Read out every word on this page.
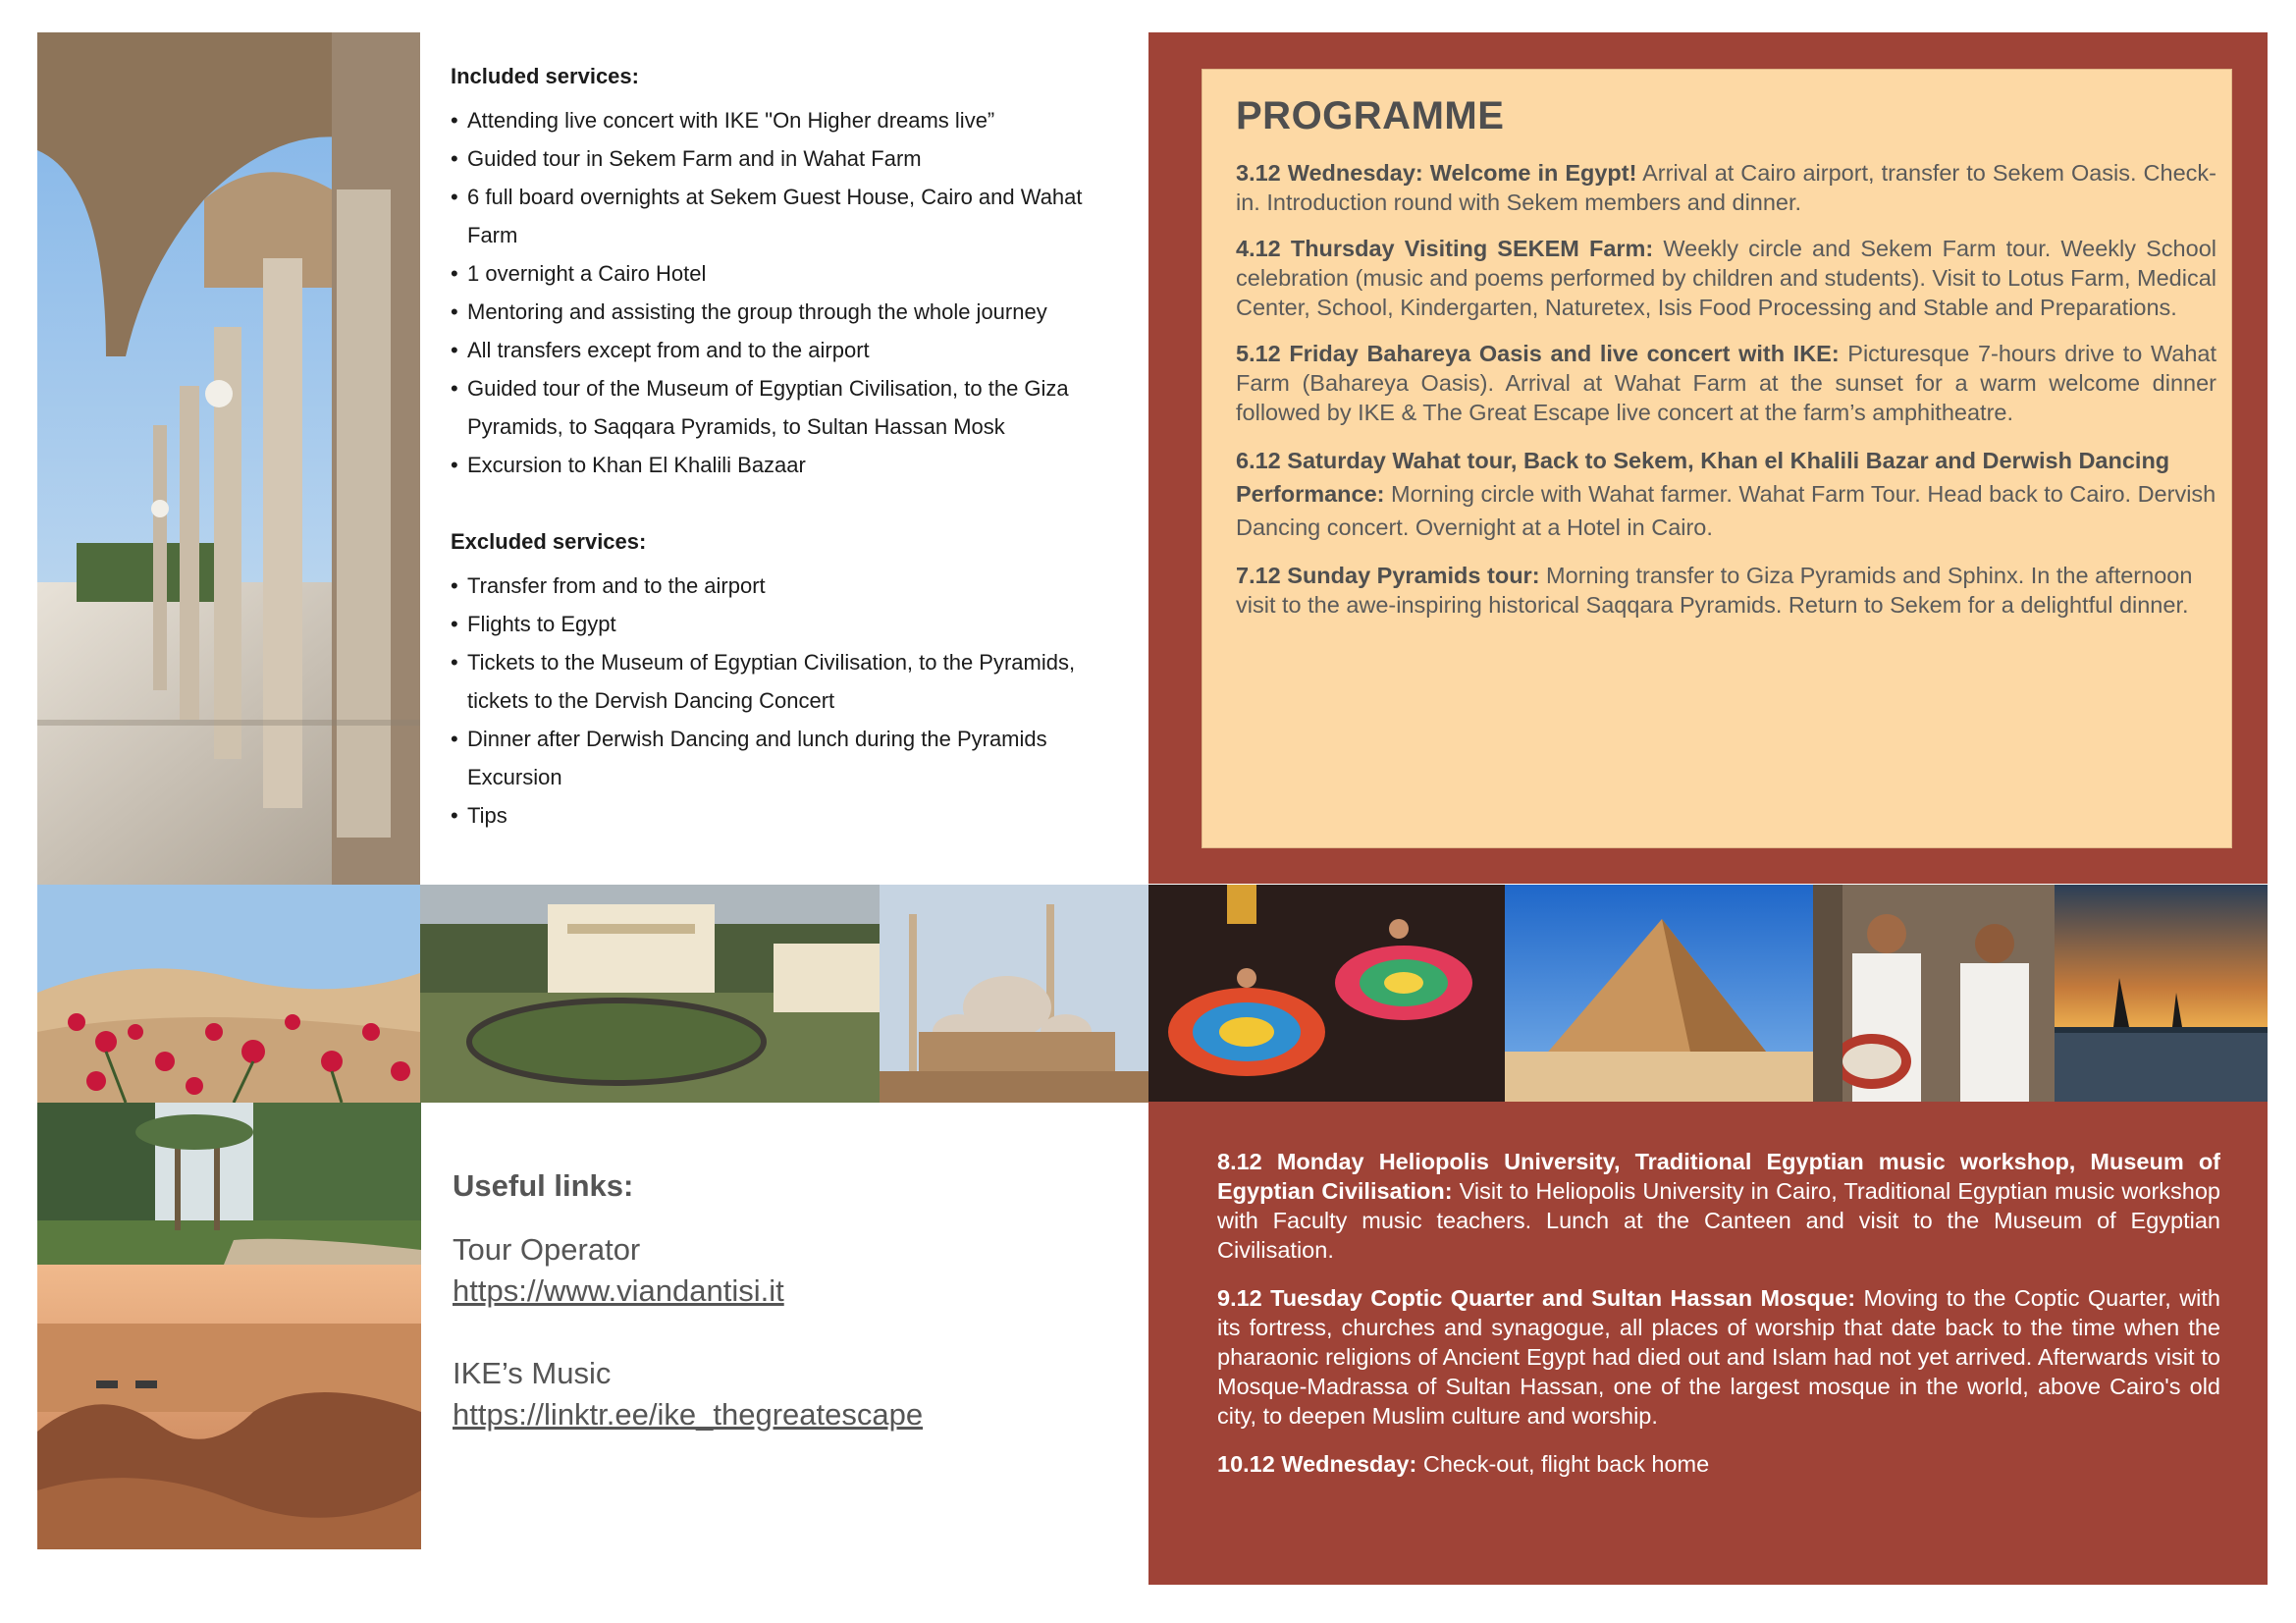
Included services:
• Attending live concert with IKE "On Higher dreams live”
• Guided tour in Sekem Farm and in Wahat Farm
• 6 full board overnights at Sekem Guest House, Cairo and Wahat Farm
• 1 overnight a Cairo Hotel
• Mentoring and assisting the group through the whole journey
• All transfers except from and to the airport
• Guided tour of the Museum of Egyptian Civilisation, to the Giza Pyramids, to Saqqara Pyramids, to Sultan Hassan Mosk
• Excursion to Khan El Khalili Bazaar
Excluded services:
• Transfer from and to the airport
• Flights to Egypt
• Tickets to the Museum of Egyptian Civilisation, to the Pyramids, tickets to the Dervish Dancing Concert
• Dinner after Derwish Dancing and lunch during the Pyramids Excursion
• Tips
PROGRAMME

3.12 Wednesday: Welcome in Egypt! Arrival at Cairo airport, transfer to Sekem Oasis. Check-in. Introduction round with Sekem members and dinner.

4.12 Thursday Visiting SEKEM Farm: Weekly circle and Sekem Farm tour. Weekly School celebration (music and poems performed by children and students). Visit to Lotus Farm, Medical Center, School, Kindergarten, Naturetex, Isis Food Processing and Stable and Preparations.

5.12 Friday Bahareya Oasis and live concert with IKE: Picturesque 7-hours drive to Wahat Farm (Bahareya Oasis). Arrival at Wahat Farm at the sunset for a warm welcome dinner followed by IKE & The Great Escape live concert at the farm’s amphitheatre.

6.12 Saturday Wahat tour, Back to Sekem, Khan el Khalili Bazar and Derwish Dancing Performance: Morning circle with Wahat farmer. Wahat Farm Tour. Head back to Cairo. Dervish Dancing concert. Overnight at a Hotel in Cairo.

7.12 Sunday Pyramids tour: Morning transfer to Giza Pyramids and Sphinx. In the afternoon visit to the awe-inspiring historical Saqqara Pyramids. Return to Sekem for a delightful dinner.

8.12 Monday Heliopolis University, Traditional Egyptian music workshop, Museum of Egyptian Civilisation: Visit to Heliopolis University in Cairo, Traditional Egyptian music workshop with Faculty music teachers. Lunch at the Canteen and visit to the Museum of Egyptian Civilisation.

9.12 Tuesday Coptic Quarter and Sultan Hassan Mosque: Moving to the Coptic Quarter, with its fortress, churches and synagogue, all places of worship that date back to the time when the pharaonic religions of Ancient Egypt had died out and Islam had not yet arrived. Afterwards visit to Mosque-Madrassa of Sultan Hassan, one of the largest mosque in the world, above Cairo's old city, to deepen Muslim culture and worship.

10.12 Wednesday: Check-out, flight back home

Useful links:

Tour Operator

https://www.viandantisi.it

IKE’s Music

https://linktr.ee/ike_thegreatescape
